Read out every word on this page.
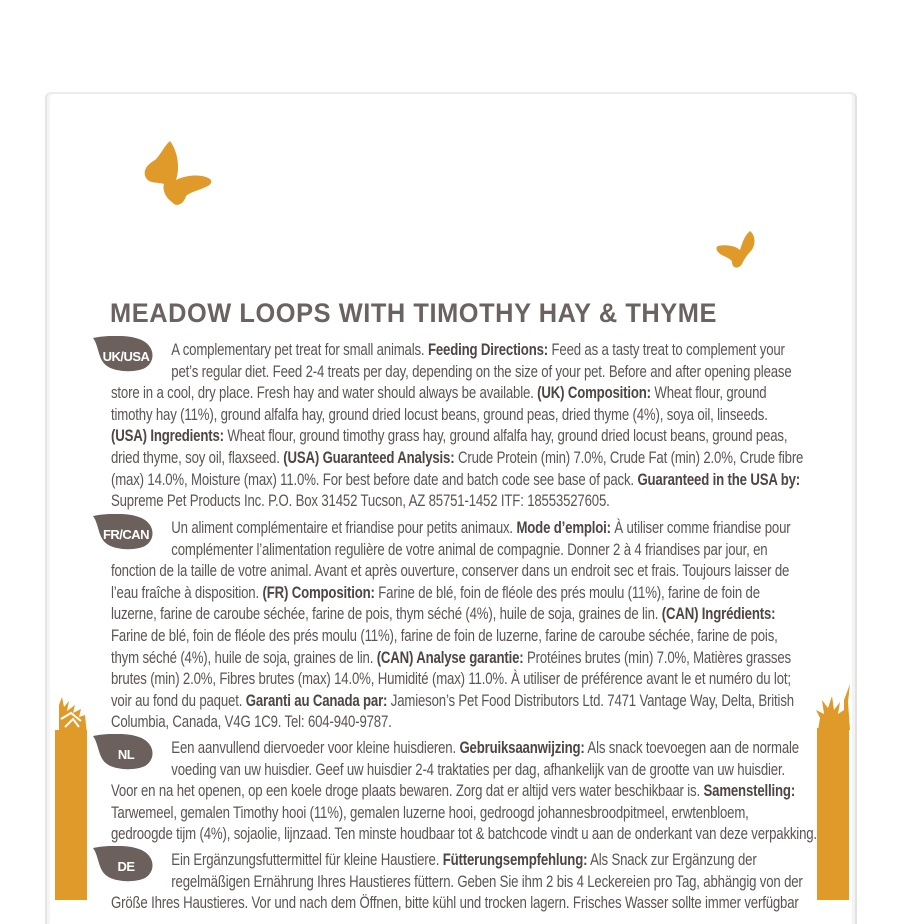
MEADOW LOOPS WITH TIMOTHY HAY & THYME
UK/USA	A complementary pet treat for small animals. Feeding Directions: Feed as a tasty treat to complement your
pet’s regular diet. Feed 2-4 treats per day, depending on the size of your pet. Before and after opening please
store in a cool, dry place. Fresh hay and water should always be available. (UK) Composition: Wheat flour, ground
timothy hay (11%), ground alfalfa hay, ground dried locust beans, ground peas, dried thyme (4%), soya oil, linseeds.
(USA) Ingredients: Wheat flour, ground timothy grass hay, ground alfalfa hay, ground dried locust beans, ground peas,
dried thyme, soy oil, flaxseed. (USA) Guaranteed Analysis: Crude Protein (min) 7.0%, Crude Fat (min) 2.0%, Crude fibre
(max) 14.0%, Moisture (max) 11.0%. For best before date and batch code see base of pack. Guaranteed in the USA by:
Supreme Pet Products Inc. P.O. Box 31452 Tucson, AZ 85751-1452 ITF: 18553527605.
FR/CAN	Un aliment complémentaire et friandise pour petits animaux. Mode d’emploi: À utiliser comme friandise pour
complémenter l’alimentation regulière de votre animal de compagnie. Donner 2 à 4 friandises par jour, en
fonction de la taille de votre animal. Avant et après ouverture, conserver dans un endroit sec et frais. Toujours laisser de
l’eau fraîche à disposition. (FR) Composition: Farine de blé, foin de fléole des prés moulu (11%), farine de foin de
luzerne, farine de caroube séchée, farine de pois, thym séché (4%), huile de soja, graines de lin. (CAN) Ingrédients:
Farine de blé, foin de fléole des prés moulu (11%), farine de foin de luzerne, farine de caroube séchée, farine de pois,
thym séché (4%), huile de soja, graines de lin. (CAN) Analyse garantie: Protéines brutes (min) 7.0%, Matières grasses
brutes (min) 2.0%, Fibres brutes (max) 14.0%, Humidité (max) 11.0%. À utiliser de préférence avant le et numéro du lot;
voir au fond du paquet. Garanti au Canada par: Jamieson’s Pet Food Distributors Ltd. 7471 Vantage Way, Delta, British
Columbia, Canada, V4G 1C9. Tel: 604-940-9787.
NL	Een aanvullend diervoeder voor kleine huisdieren. Gebruiksaanwijzing: Als snack toevoegen aan de normale
voeding van uw huisdier. Geef uw huisdier 2-4 traktaties per dag, afhankelijk van de grootte van uw huisdier.
Voor en na het openen, op een koele droge plaats bewaren. Zorg dat er altijd vers water beschikbaar is. Samenstelling:
Tarwemeel, gemalen Timothy hooi (11%), gemalen luzerne hooi, gedroogd johannesbroodpitmeel, erwtenbloem,
gedroogde tijm (4%), sojaolie, lijnzaad. Ten minste houdbaar tot & batchcode vindt u aan de onderkant van deze verpakking.
DE	Ein Ergänzungsfuttermittel für kleine Haustiere. Fütterungsempfehlung: Als Snack zur Ergänzung der
regelmäßigen Ernährung Ihres Haustieres füttern. Geben Sie ihm 2 bis 4 Leckereien pro Tag, abhängig von der
Größe Ihres Haustieres. Vor und nach dem Öffnen, bitte kühl und trocken lagern. Frisches Wasser sollte immer verfügbar
